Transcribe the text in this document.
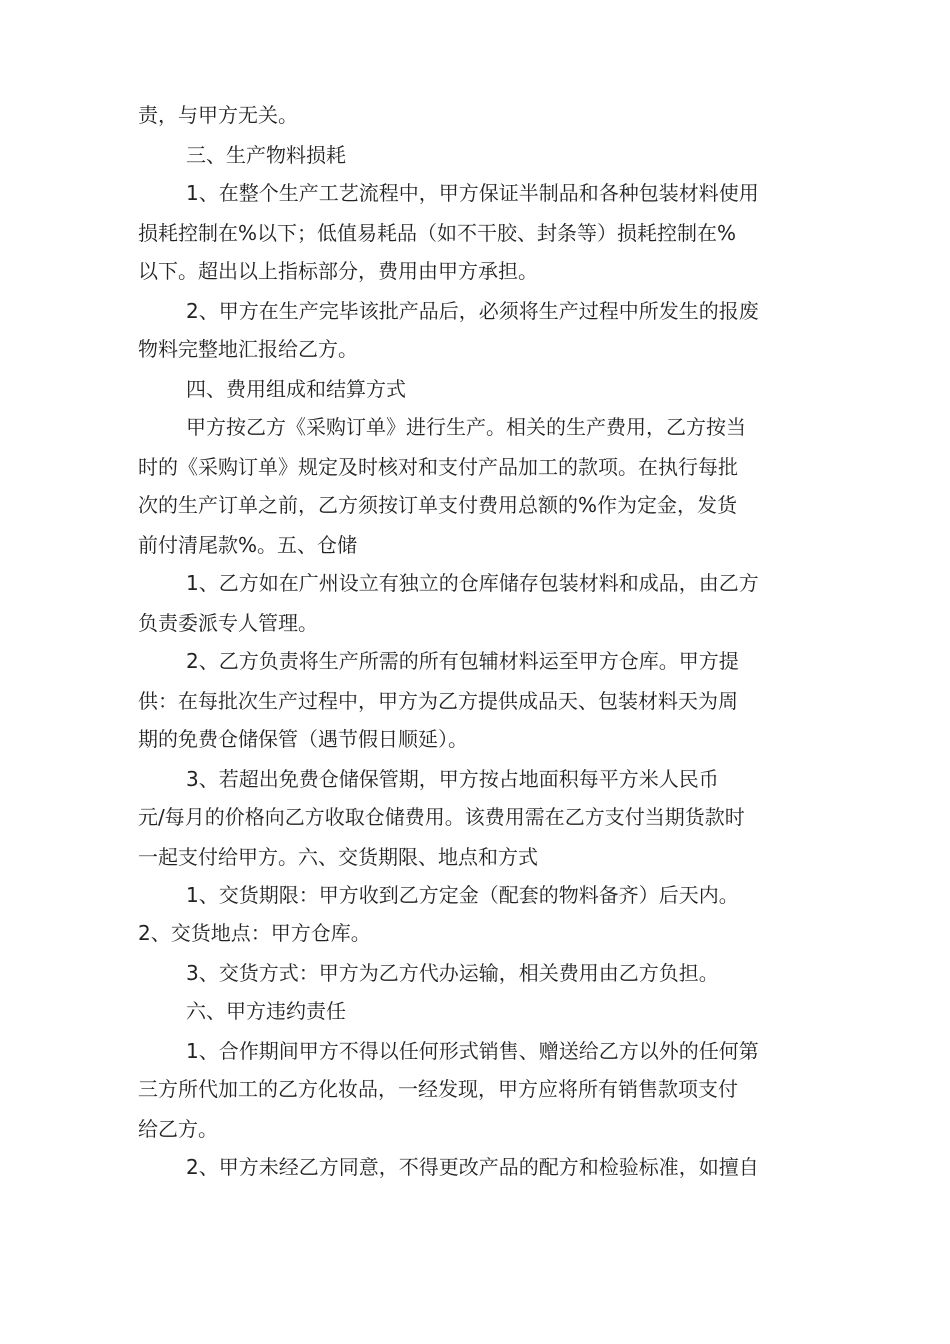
责，与甲方无关。
三、生产物料损耗
1、在整个生产工艺流程中，甲方保证半制品和各种包装材料使用
损耗控制在%以下；低值易耗品（如不干胶、封条等）损耗控制在%
以下。超出以上指标部分，费用由甲方承担。
2、甲方在生产完毕该批产品后，必须将生产过程中所发生的报废
物料完整地汇报给乙方。
四、费用组成和结算方式
甲方按乙方《采购订单》进行生产。相关的生产费用，乙方按当
时的《采购订单》规定及时核对和支付产品加工的款项。在执行每批
次的生产订单之前，乙方须按订单支付费用总额的%作为定金，发货
前付清尾款%。五、仓储
1、乙方如在广州设立有独立的仓库储存包装材料和成品，由乙方
负责委派专人管理。
2、乙方负责将生产所需的所有包辅材料运至甲方仓库。甲方提
供：在每批次生产过程中，甲方为乙方提供成品天、包装材料天为周
期的免费仓储保管（遇节假日顺延）。
3、若超出免费仓储保管期，甲方按占地面积每平方米人民币
元/每月的价格向乙方收取仓储费用。该费用需在乙方支付当期货款时
一起支付给甲方。六、交货期限、地点和方式
1、交货期限：甲方收到乙方定金（配套的物料备齐）后天内。
2、交货地点：甲方仓库。
3、交货方式：甲方为乙方代办运输，相关费用由乙方负担。
六、甲方违约责任
1、合作期间甲方不得以任何形式销售、赠送给乙方以外的任何第
三方所代加工的乙方化妆品，一经发现，甲方应将所有销售款项支付
给乙方。
2、甲方未经乙方同意，不得更改产品的配方和检验标准，如擅自
